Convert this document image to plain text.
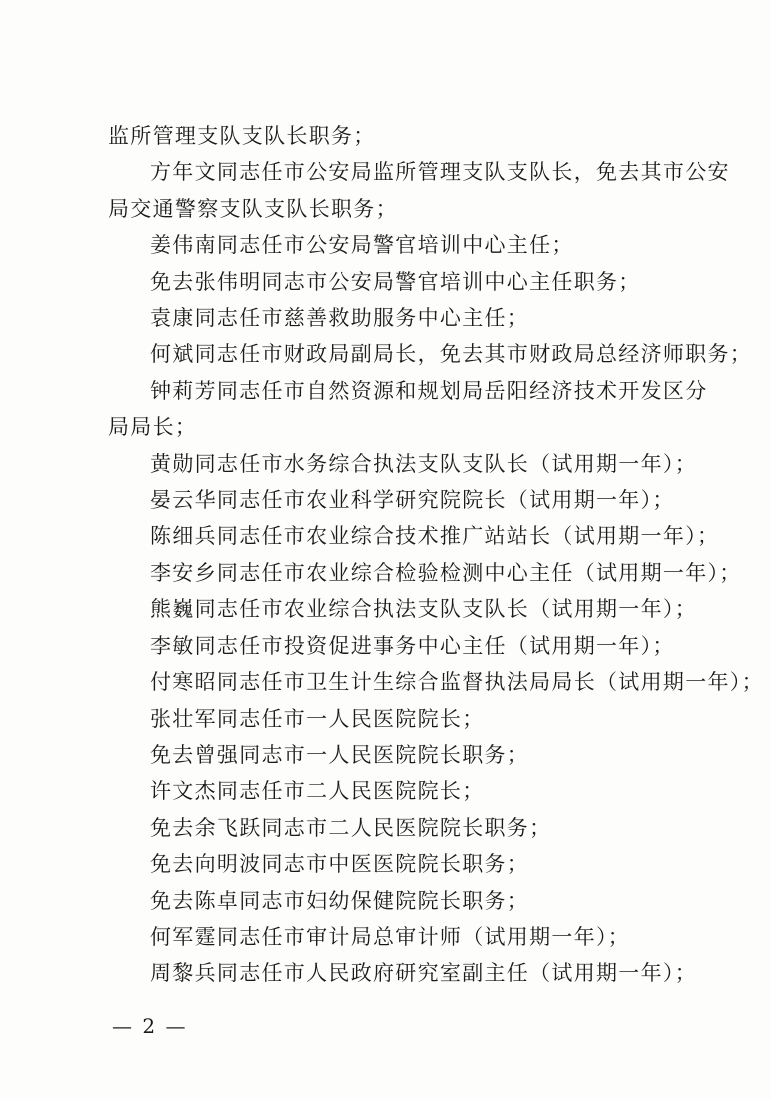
监所管理支队支队长职务；
方年文同志任市公安局监所管理支队支队长，免去其市公安
局交通警察支队支队长职务；
姜伟南同志任市公安局警官培训中心主任；
免去张伟明同志市公安局警官培训中心主任职务；
袁康同志任市慈善救助服务中心主任；
何斌同志任市财政局副局长，免去其市财政局总经济师职务；
钟莉芳同志任市自然资源和规划局岳阳经济技术开发区分
局局长；
黄勋同志任市水务综合执法支队支队长（试用期一年）；
晏云华同志任市农业科学研究院院长（试用期一年）；
陈细兵同志任市农业综合技术推广站站长（试用期一年）；
李安乡同志任市农业综合检验检测中心主任（试用期一年）；
熊巍同志任市农业综合执法支队支队长（试用期一年）；
李敏同志任市投资促进事务中心主任（试用期一年）；
付寒昭同志任市卫生计生综合监督执法局局长（试用期一年）；
张壮军同志任市一人民医院院长；
免去曾强同志市一人民医院院长职务；
许文杰同志任市二人民医院院长；
免去余飞跃同志市二人民医院院长职务；
免去向明波同志市中医医院院长职务；
免去陈卓同志市妇幼保健院院长职务；
何军霆同志任市审计局总审计师（试用期一年）；
周黎兵同志任市人民政府研究室副主任（试用期一年）；
— 2 —
